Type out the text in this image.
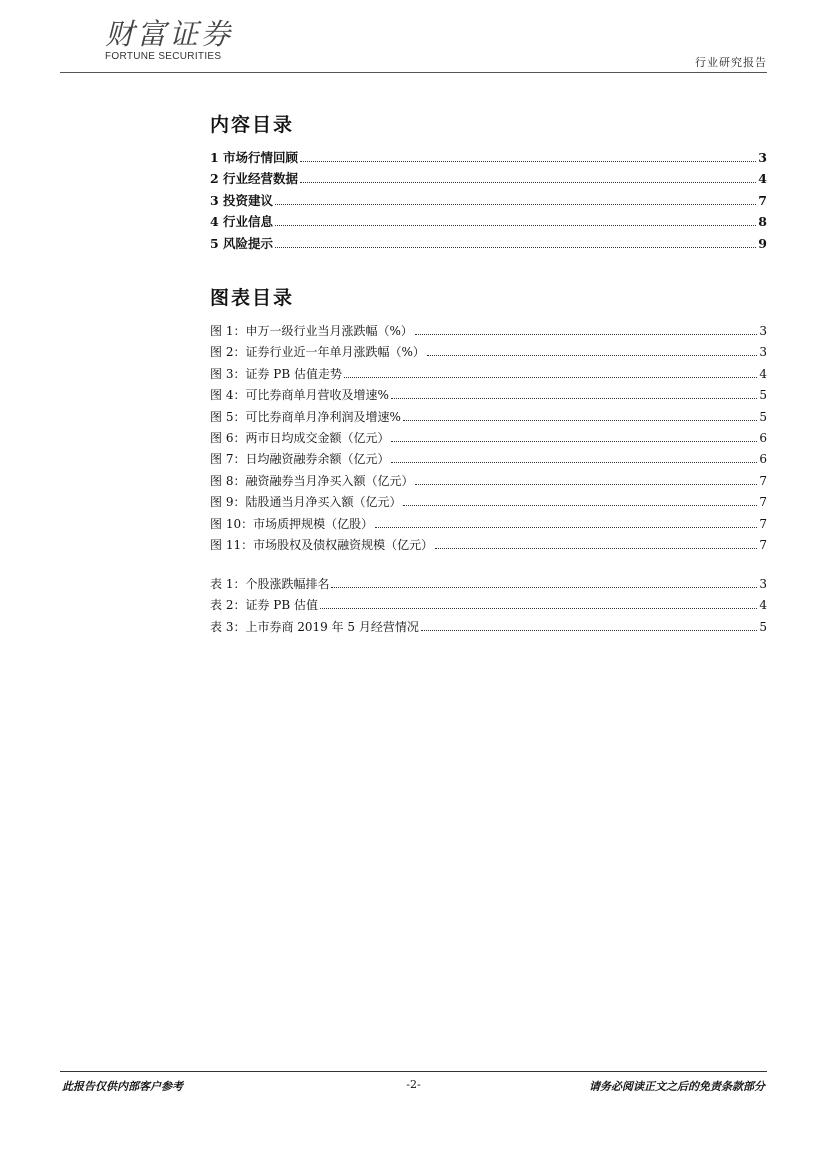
财富证券
FORTUNE SECURITIES	行业研究报告
内容目录
1 市场行情回顾	3
2 行业经营数据	4
3 投资建议	7
4 行业信息	8
5 风险提示	9
图表目录
图 1：申万一级行业当月涨跌幅（%）	3
图 2：证券行业近一年单月涨跌幅（%）	3
图 3：证券 PB 估值走势	4
图 4：可比券商单月营收及增速%	5
图 5：可比券商单月净利润及增速%	5
图 6：两市日均成交金额（亿元）	6
图 7：日均融资融券余额（亿元）	6
图 8：融资融券当月净买入额（亿元）	7
图 9：陆股通当月净买入额（亿元）	7
图 10：市场质押规模（亿股）	7
图 11：市场股权及债权融资规模（亿元）	7
表 1：个股涨跌幅排名	3
表 2：证券 PB 估值	4
表 3：上市券商 2019 年 5 月经营情况	5
此报告仅供内部客户参考	-2-	请务必阅读正文之后的免责条款部分
